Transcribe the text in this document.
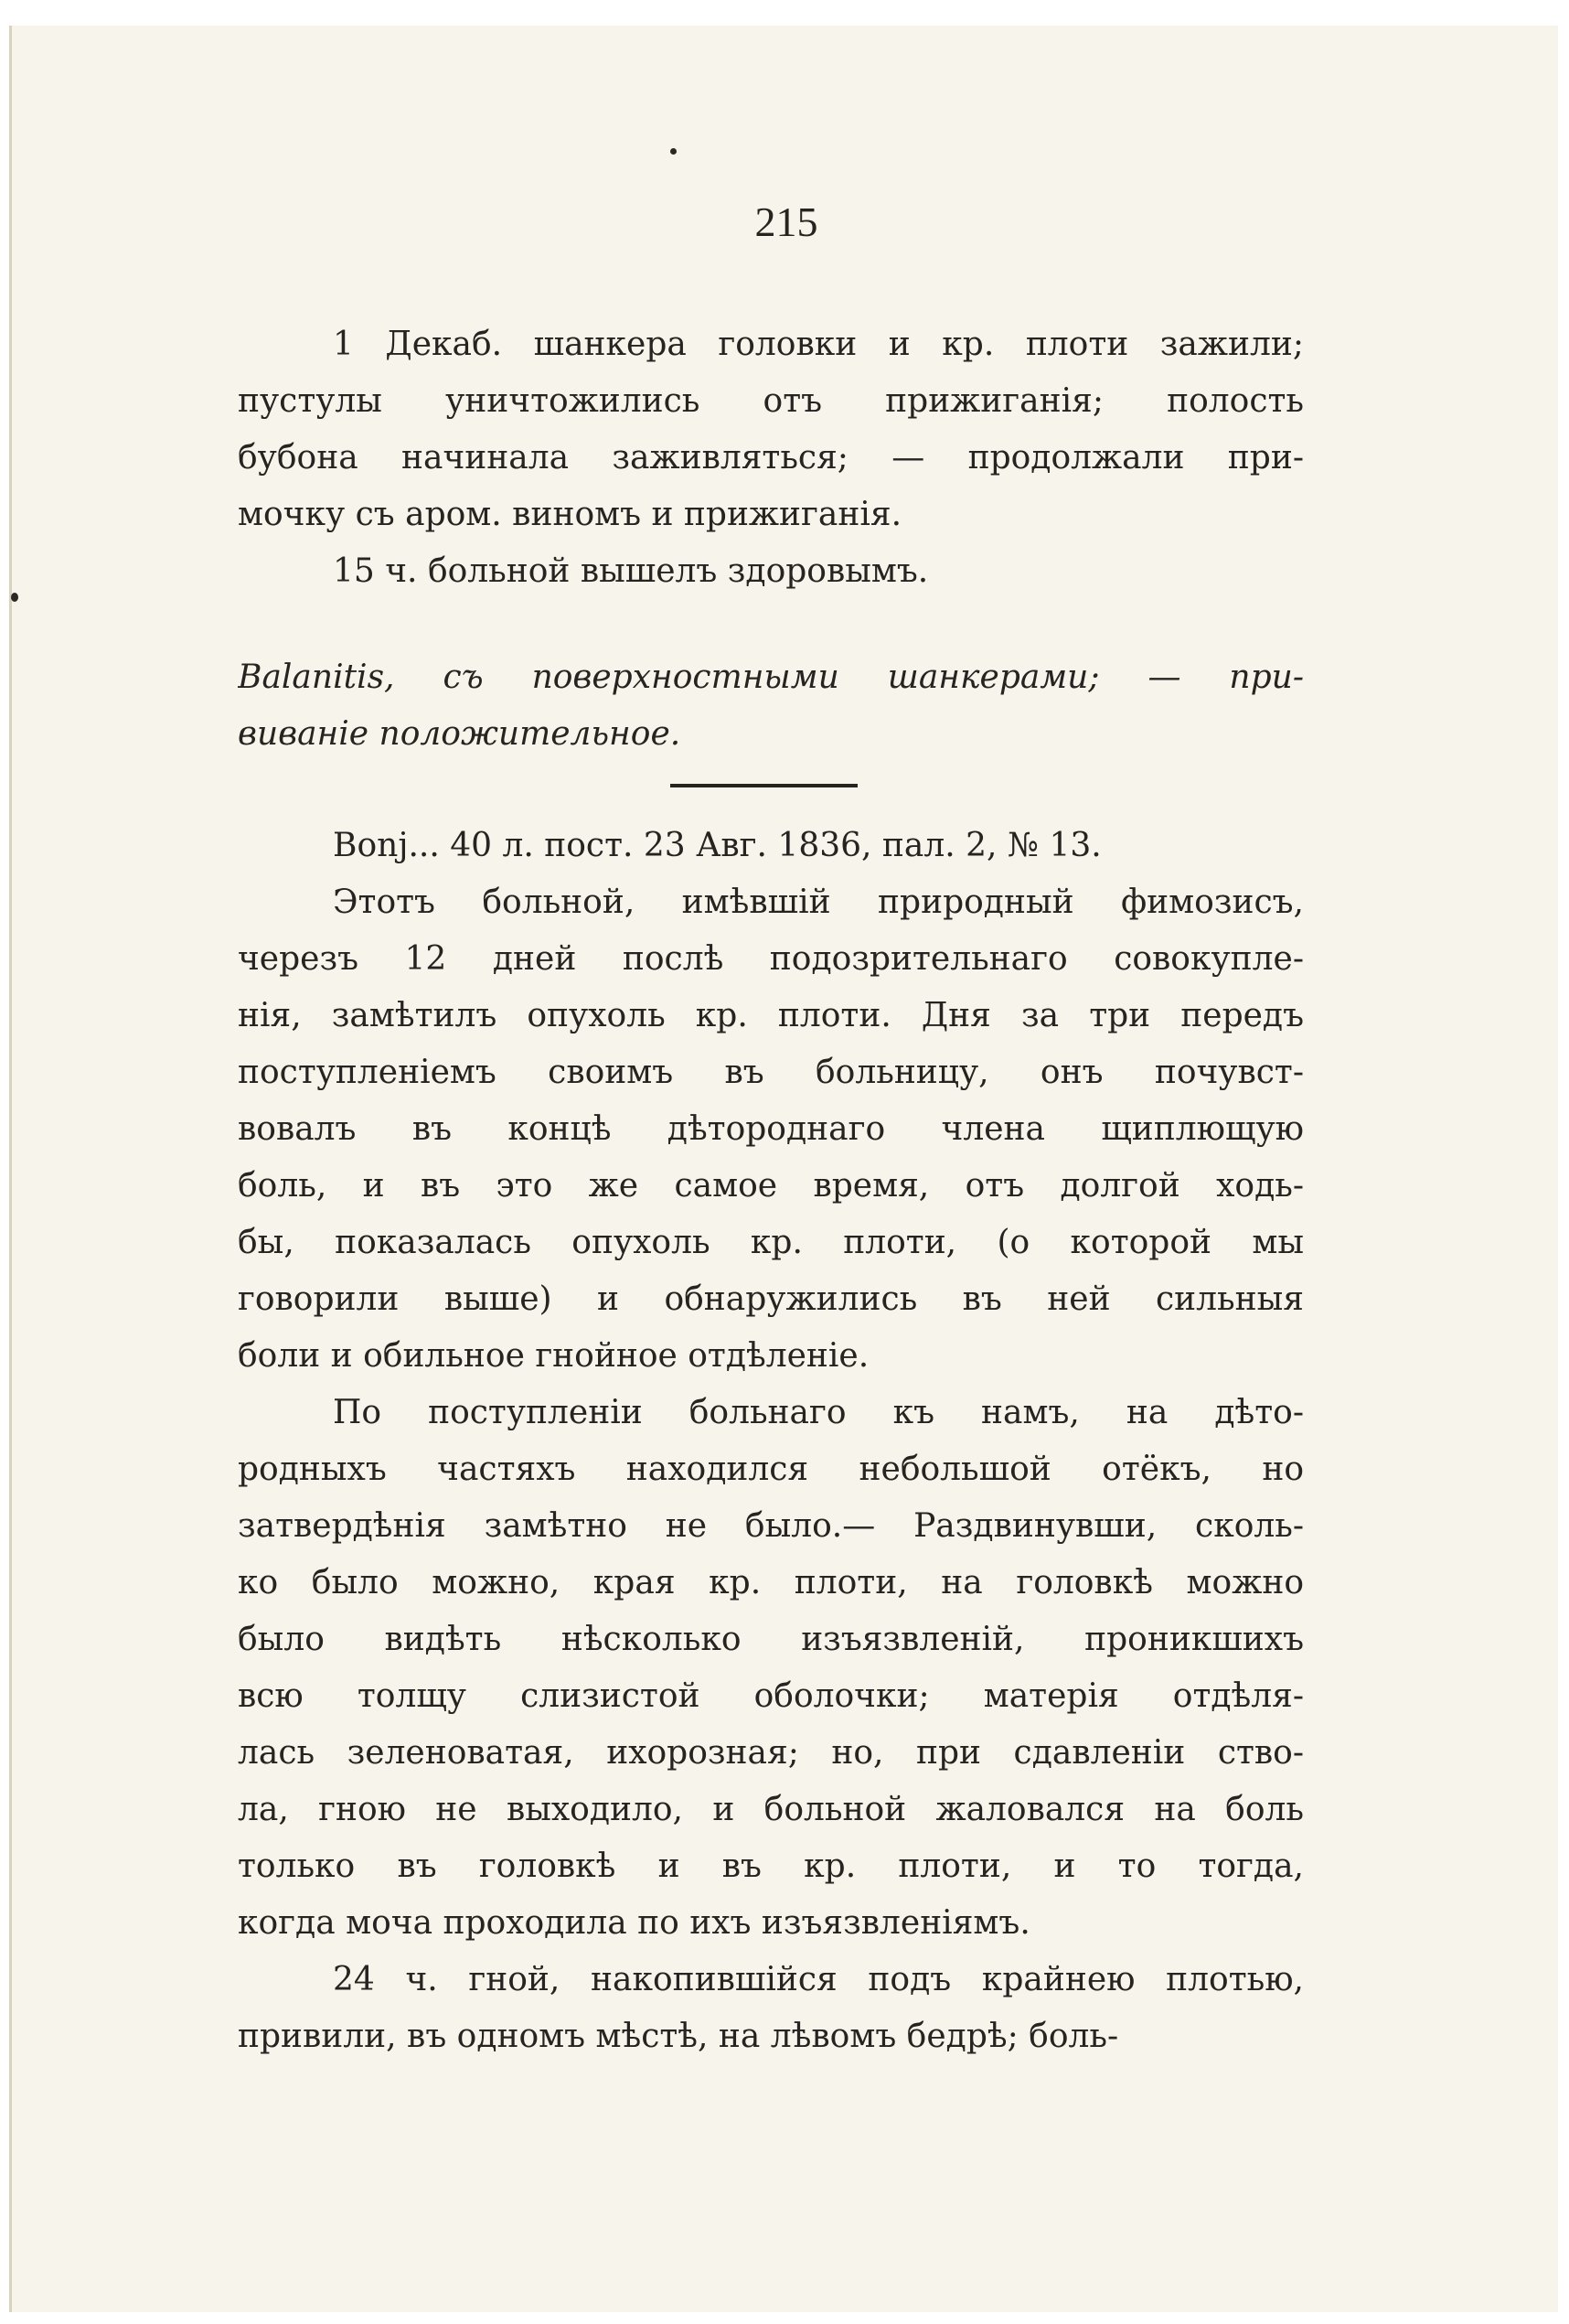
215
1 Декаб. шанкера головки и кр. плоти зажили;
пустулы уничтожились отъ прижиганія; полость
бубона начинала заживляться; — продолжали при-
мочку съ аром. виномъ и прижиганія.
15 ч. больной вышелъ здоровымъ.
Balanitis, съ поверхностными шанкерами; — при-
виваніе положительное.
Bonj... 40 л. пост. 23 Авг. 1836, пал. 2, № 13.
Этотъ больной, имѣвшій природный фимозисъ,
черезъ 12 дней послѣ подозрительнаго совокупле-
нія, замѣтилъ опухоль кр. плоти. Дня за три передъ
поступленіемъ своимъ въ больницу, онъ почувст-
вовалъ въ концѣ дѣтороднаго члена щиплющую
боль, и въ это же самое время, отъ долгой ходь-
бы, показалась опухоль кр. плоти, (о которой мы
говорили выше) и обнаружились въ ней сильныя
боли и обильное гнойное отдѣленіе.
По поступленіи больнаго къ намъ, на дѣто-
родныхъ частяхъ находился небольшой отёкъ, но
затвердѣнія замѣтно не было.— Раздвинувши, сколь-
ко было можно, края кр. плоти, на головкѣ можно
было видѣть нѣсколько изъязвленій, проникшихъ
всю толщу слизистой оболочки; матерія отдѣля-
лась зеленоватая, ихорозная; но, при сдавленіи ство-
ла, гною не выходило, и больной жаловался на боль
только въ головкѣ и въ кр. плоти, и то тогда,
когда моча проходила по ихъ изъязвленіямъ.
24 ч. гной, накопившійся подъ крайнею плотью,
привили, въ одномъ мѣстѣ, на лѣвомъ бедрѣ; боль-
